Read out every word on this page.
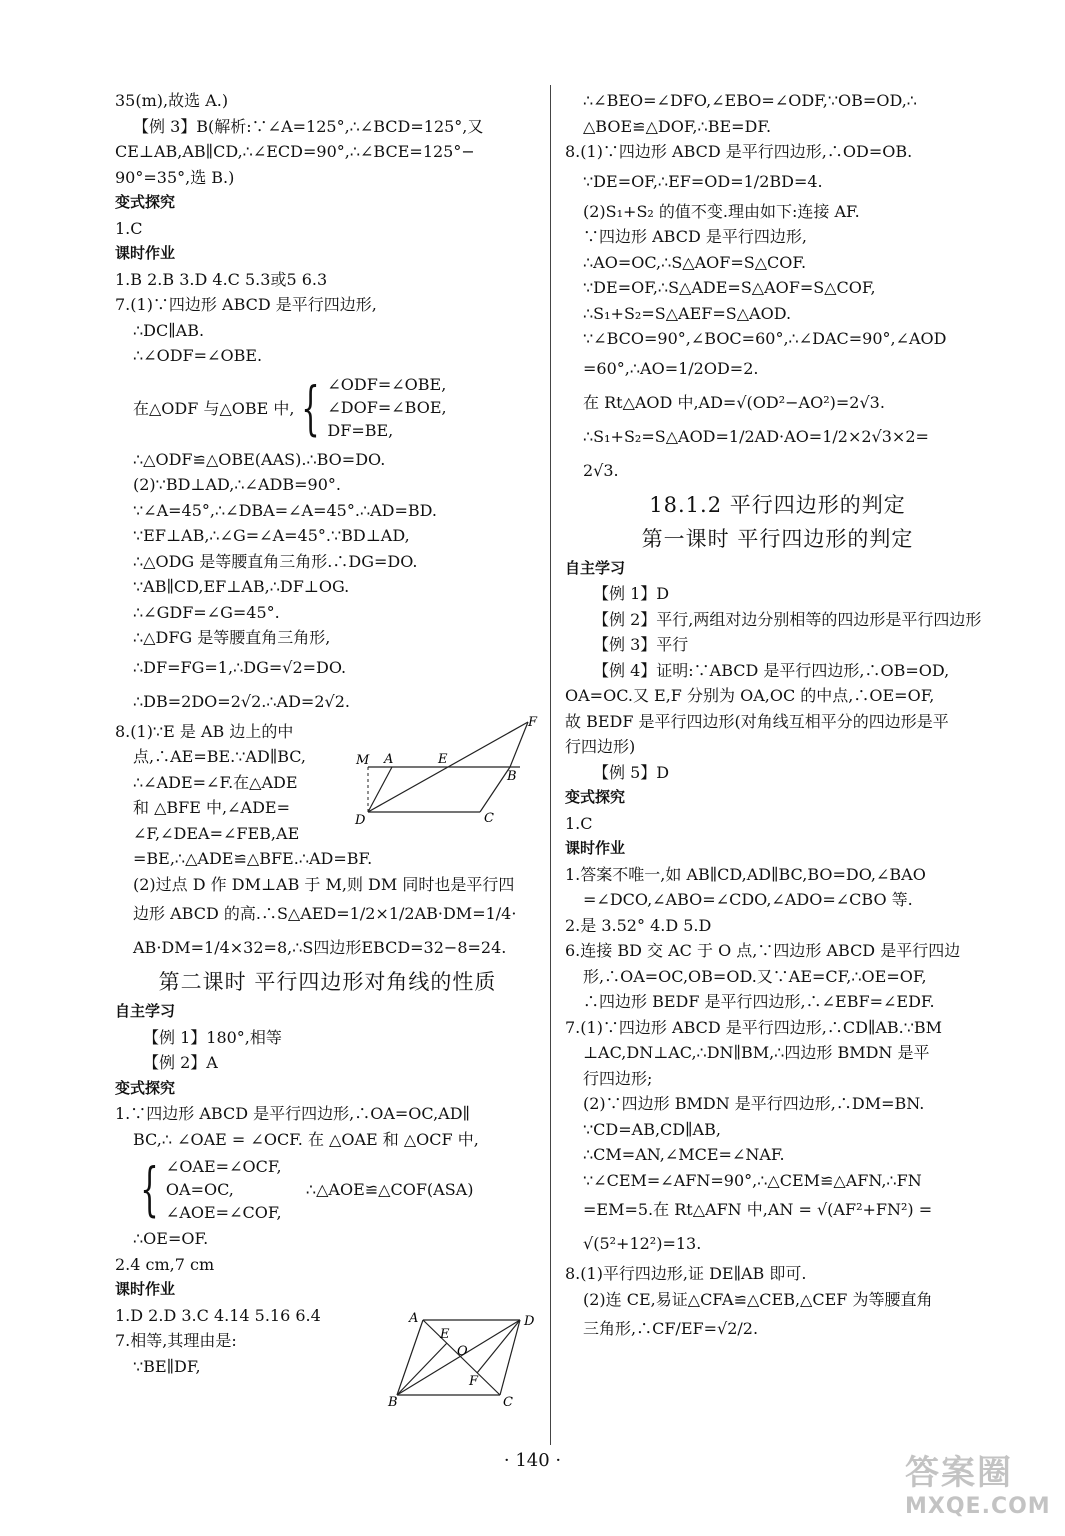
35(m),故选 A.)
【例 3】B(解析:∵∠A=125°,∴∠BCD=125°,又
CE⊥AB,AB∥CD,∴∠ECD=90°,∴∠BCE=125°−
90°=35°,选 B.)
变式探究
1.C
课时作业
1.B 2.B 3.D 4.C 5.3或5 6.3
7.(1)∵四边形 ABCD 是平行四边形,
∴DC∥AB.
∴∠ODF=∠OBE.
在△ODF 与△OBE 中, { ∠ODF=∠OBE,
∠DOF=∠BOE,
DF=BE,
∴△ODF≌△OBE(AAS).∴BO=DO.
(2)∵BD⊥AD,∴∠ADB=90°.
∵∠A=45°,∴∠DBA=∠A=45°.∴AD=BD.
∵EF⊥AB,∴∠G=∠A=45°.∵BD⊥AD,
∴△ODG 是等腰直角三角形.∴DG=DO.
∵AB∥CD,EF⊥AB,∴DF⊥OG.
∴∠GDF=∠G=45°.
∴△DFG 是等腰直角三角形,
∴DF=FG=1,∴DG=√2=DO.
∴DB=2DO=2√2.∴AD=2√2.
8.(1)∵E 是 AB 边上的中
点,∴AE=BE.∵AD∥BC,
∴∠ADE=∠F.在△ADE
和 △BFE 中,∠ADE=
∠F,∠DEA=∠FEB,AE
=BE,∴△ADE≌△BFE.∴AD=BF.
(2)过点 D 作 DM⊥AB 于 M,则 DM 同时也是平行四
边形 ABCD 的高.∴S△AED=1/2×1/2AB·DM=1/4·
AB·DM=1/4×32=8,∴S四边形EBCD=32−8=24.
第二课时 平行四边形对角线的性质
自主学习
【例 1】180°,相等
【例 2】A
变式探究
1.∵四边形 ABCD 是平行四边形,∴OA=OC,AD∥
BC,∴ ∠OAE = ∠OCF. 在 △OAE 和 △OCF 中,
{ ∠OAE=∠OCF,
OA=OC,
∠AOE=∠COF,
∴△AOE≌△COF(ASA)
∴OE=OF.
2.4 cm,7 cm
课时作业
1.D 2.D 3.C 4.14 5.16 6.4
7.相等,其理由是:
∵BE∥DF,
M A	E
B
F
D	C
A	D
E
O
F
B	C
∴∠BEO=∠DFO,∠EBO=∠ODF,∵OB=OD,∴
△BOE≌△DOF,∴BE=DF.
8.(1)∵四边形 ABCD 是平行四边形,∴OD=OB.
∵DE=OF,∴EF=OD=1/2BD=4.
(2)S₁+S₂ 的值不变.理由如下:连接 AF.
∵四边形 ABCD 是平行四边形,
∴AO=OC,∴S△AOF=S△COF.
∵DE=OF,∴S△ADE=S△AOF=S△COF,
∴S₁+S₂=S△AEF=S△AOD.
∵∠BCO=90°,∠BOC=60°,∴∠DAC=90°,∠AOD
=60°,∴AO=1/2OD=2.
在 Rt△AOD 中,AD=√(OD²−AO²)=2√3.
∴S₁+S₂=S△AOD=1/2AD·AO=1/2×2√3×2=
2√3.
18.1.2 平行四边形的判定
第一课时 平行四边形的判定
自主学习
【例 1】D
【例 2】平行,两组对边分别相等的四边形是平行四边形
【例 3】平行
【例 4】证明:∵ABCD 是平行四边形,∴OB=OD,
OA=OC.又 E,F 分别为 OA,OC 的中点,∴OE=OF,
故 BEDF 是平行四边形(对角线互相平分的四边形是平
行四边形)
【例 5】D
变式探究
1.C
课时作业
1.答案不唯一,如 AB∥CD,AD∥BC,BO=DO,∠BAO
=∠DCO,∠ABO=∠CDO,∠ADO=∠CBO 等.
2.是 3.52° 4.D 5.D
6.连接 BD 交 AC 于 O 点,∵四边形 ABCD 是平行四边
形,∴OA=OC,OB=OD.又∵AE=CF,∴OE=OF,
∴四边形 BEDF 是平行四边形,∴∠EBF=∠EDF.
7.(1)∵四边形 ABCD 是平行四边形,∴CD∥AB.∵BM
⊥AC,DN⊥AC,∴DN∥BM,∴四边形 BMDN 是平
行四边形;
(2)∵四边形 BMDN 是平行四边形,∴DM=BN.
∵CD=AB,CD∥AB,
∴CM=AN,∠MCE=∠NAF.
∵∠CEM=∠AFN=90°,∴△CEM≌△AFN,∴FN
=EM=5.在 Rt△AFN 中,AN = √(AF²+FN²) =
√(5²+12²)=13.
8.(1)平行四边形,证 DE∥AB 即可.
(2)连 CE,易证△CFA≌△CEB,△CEF 为等腰直角
三角形,∴CF/EF=√2/2.
· 140 ·	答案圈
MXQE.COM
